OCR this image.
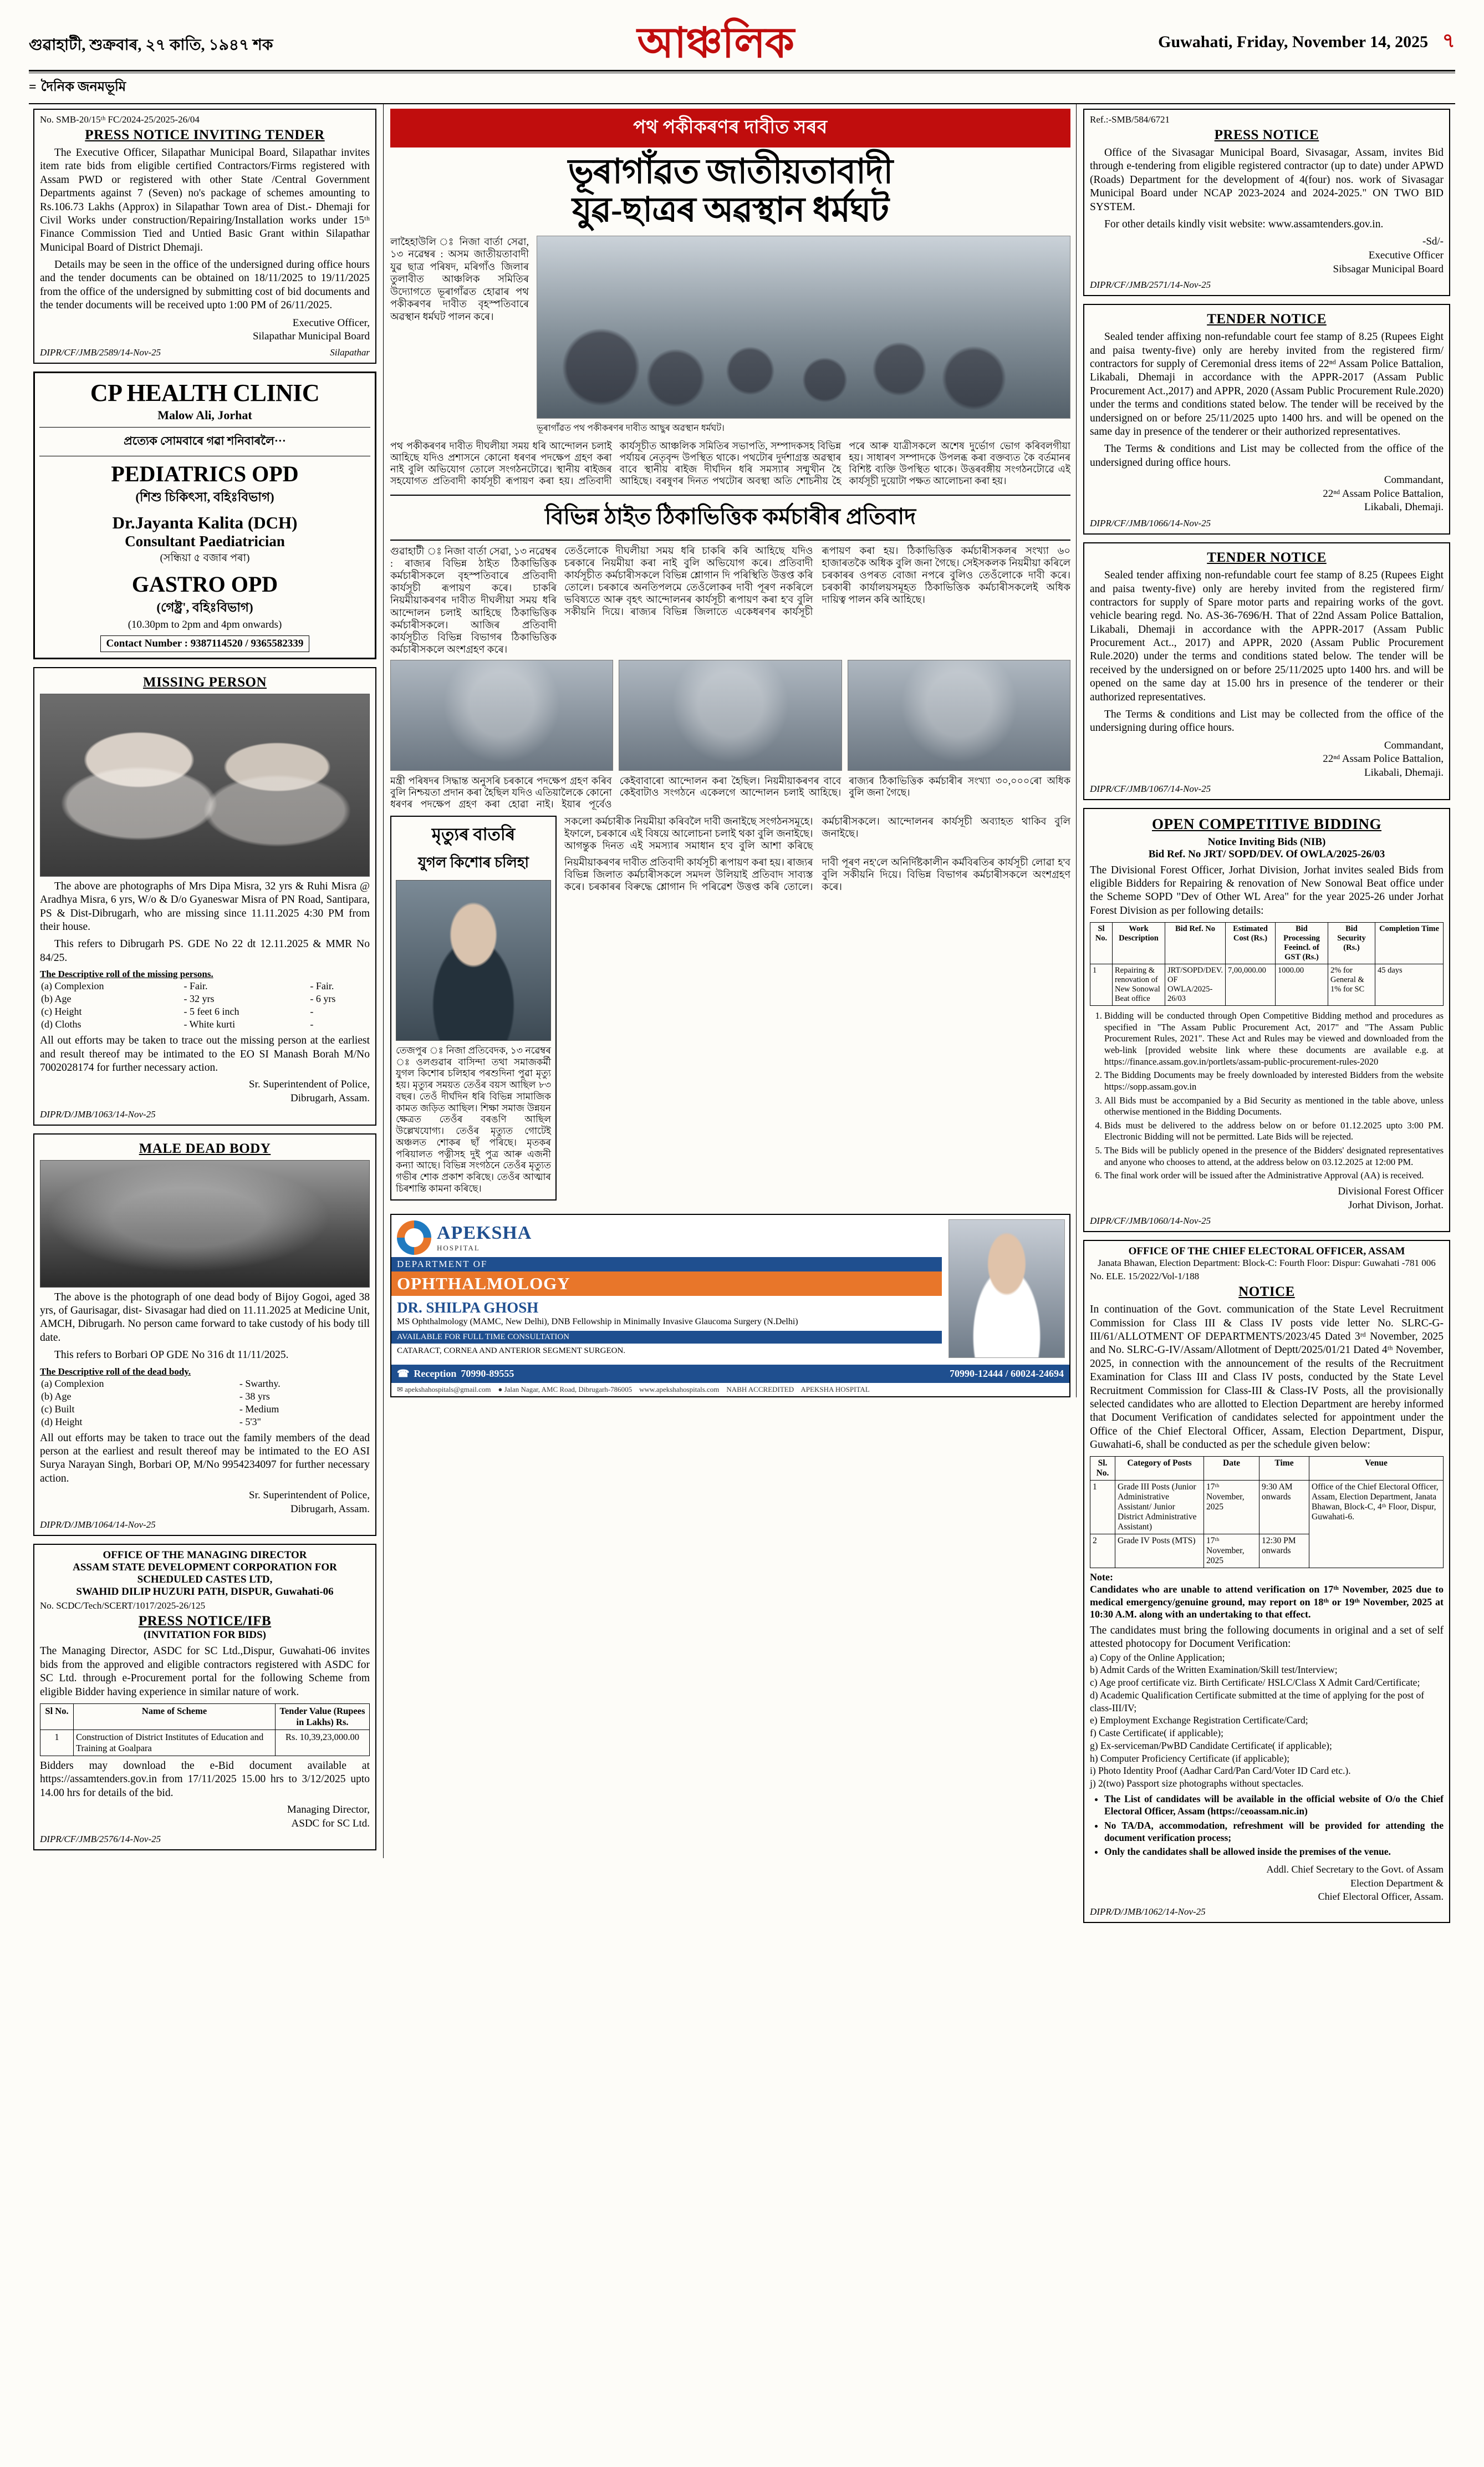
গুৱাহাটী, শুক্ৰবাৰ, ২৭ কাতি, ১৯৪৭ শক	আঞ্চলিক	Guwahati, Friday, November 14, 2025 ৭
= দৈনিক জনমভূমি
No. SMB-20/15ᵗʰ FC/2024-25/2025-26/04
PRESS NOTICE INVITING TENDER

The Executive Officer, Silapathar Municipal Board, Silapathar invites item rate bids from eligible certified Contractors/Firms registered with Assam PWD or registered with other State /Central Government Departments against 7 (Seven) no's package of schemes amounting to Rs.106.73 Lakhs (Approx) in Silapathar Town area of Dist.- Dhemaji for Civil Works under construction/Repairing/Installation works under 15ᵗʰ Finance Commission Tied and Untied Basic Grant within Silapathar Municipal Board of District Dhemaji.

Details may be seen in the office of the undersigned during office hours and the tender documents can be obtained on 18/11/2025 to 19/11/2025 from the office of the undersigned by submitting cost of bid documents and the tender documents will be received upto 1:00 PM of 26/11/2025.

Executive Officer,
Silapathar Municipal Board
DIPR/CF/JMB/2589/14-Nov-25	Silapathar
CP HEALTH CLINIC
Malow Ali, Jorhat
প্ৰত্যেক সোমবাৰে গৱা শনিবাৰলৈ···
PEDIATRICS OPD
(শিশু চিকিৎসা, বহিঃবিভাগ)
Dr.Jayanta Kalita (DCH)
Consultant Paediatrician
(সন্ধিয়া ৫ বজাৰ পৰা)
GASTRO OPD
(গেষ্ট্ৰ', বহিঃবিভাগ)
(10.30pm to 2pm and 4pm onwards)
Contact Number : 9387114520 / 9365582339
MISSING PERSON

The above are photographs of Mrs Dipa Misra, 32 yrs & Ruhi Misra @ Aradhya Misra, 6 yrs, W/o & D/o Gyaneswar Misra of PN Road, Santipara, PS & Dist-Dibrugarh, who are missing since 11.11.2025 4:30 PM from their house.

This refers to Dibrugarh PS. GDE No 22 dt 12.11.2025 & MMR No 84/25.

The Descriptive roll of the missing persons.
(a) Complexion	- Fair.	- Fair.
(b) Age	- 32 yrs	- 6 yrs
(c) Height	- 5 feet 6 inch	-
(d) Cloths	- White kurti	-
All out efforts may be taken to trace out the missing person at the earliest and result thereof may be intimated to the EO SI Manash Borah M/No 7002028174 for further necessary action.
Sr. Superintendent of Police,
Dibrugarh, Assam.
DIPR/D/JMB/1063/14-Nov-25
MALE DEAD BODY

The above is the photograph of one dead body of Bijoy Gogoi, aged 38 yrs, of Gaurisagar, dist- Sivasagar had died on 11.11.2025 at Medicine Unit, AMCH, Dibrugarh. No person came forward to take custody of his body till date.

This refers to Borbari OP GDE No 316 dt 11/11/2025.

The Descriptive roll of the dead body.
(a) Complexion	- Swarthy.
(b) Age	- 38 yrs
(c) Built	- Medium
(d) Height	- 5'3"
All out efforts may be taken to trace out the family members of the dead person at the earliest and result thereof may be intimated to the EO ASI Surya Narayan Singh, Borbari OP, M/No 9954234097 for further necessary action.
Sr. Superintendent of Police,
Dibrugarh, Assam.
DIPR/D/JMB/1064/14-Nov-25
OFFICE OF THE MANAGING DIRECTOR
ASSAM STATE DEVELOPMENT CORPORATION FOR SCHEDULED CASTES LTD,
SWAHID DILIP HUZURI PATH, DISPUR, Guwahati-06
No. SCDC/Tech/SCERT/1017/2025-26/125
PRESS NOTICE/IFB
(INVITATION FOR BIDS)
The Managing Director, ASDC for SC Ltd.,Dispur, Guwahati-06 invites bids from the approved and eligible contractors registered with ASDC for SC Ltd. through e-Procurement portal for the following Scheme from eligible Bidder having experience in similar nature of work.
Sl No.	Name of Scheme	Tender Value (Rupees in Lakhs) Rs.
1	Construction of District Institutes of Education and Training at Goalpara	Rs. 10,39,23,000.00
Bidders may download the e-Bid document available at https://assamtenders.gov.in from 17/11/2025 15.00 hrs to 3/12/2025 upto 14.00 hrs for details of the bid.
Managing Director,
ASDC for SC Ltd.
DIPR/CF/JMB/2576/14-Nov-25
পথ পকীকৰণৰ দাবীত সৰব
ভূৰাগাঁৱত জাতীয়তাবাদী
যুৱ-ছাত্ৰৰ অৱস্থান ধৰ্মঘট
লাহৈহাউলি ঃ নিজা বাৰ্তা সেৱা, ১৩ নৱেম্বৰ : অসম জাতীয়তাবাদী যুৱ ছাত্ৰ পৰিষদ, মৰিগাঁও জিলাৰ তুলাবীত আঞ্চলিক সমিতিৰ উদ্যোগতে ভূৰাগাঁৱত হোৱাৰ পথ পকীকৰণৰ দাবীত বৃহস্পতিবাৰে অৱস্থান ধৰ্মঘট পালন কৰে।
ভূৰাগাঁৱত পথ পকীকৰণৰ দাবীত আছুৰ অৱস্থান ধৰ্মঘট।
পথ পকীকৰণৰ দাবীত দীঘলীয়া সময় ধৰি আন্দোলন চলাই আহিছে যদিও প্ৰশাসনে কোনো ধৰণৰ পদক্ষেপ গ্ৰহণ কৰা নাই বুলি অভিযোগ তোলে সংগঠনটোৱে। স্থানীয় ৰাইজৰ সহযোগত প্ৰতিবাদী কাৰ্যসূচী ৰূপায়ণ কৰা হয়। প্ৰতিবাদী কাৰ্যসূচীত আঞ্চলিক সমিতিৰ সভাপতি, সম্পাদকসহ বিভিন্ন পৰ্যায়ৰ নেতৃবৃন্দ উপস্থিত থাকে। পথটোৰ দুৰ্দশাগ্ৰস্ত অৱস্থাৰ বাবে স্থানীয় ৰাইজ দীৰ্ঘদিন ধৰি সমস্যাৰ সন্মুখীন হৈ আহিছে। বৰষুণৰ দিনত পথটোৰ অবস্থা অতি শোচনীয় হৈ পৰে আৰু যাত্ৰীসকলে অশেষ দুৰ্ভোগ ভোগ কৰিবলগীয়া হয়। সাধাৰণ সম্পাদকে উপলব্ধ কৰা বক্তব্যত কৈ বৰ্তমানৰ বিশিষ্ট ব্যক্তি উপস্থিত থাকে। উত্তৰবঙ্গীয় সংগঠনটোৱে এই কাৰ্যসূচী দুয়োটা পক্ষত আলোচনা কৰা হয়।
বিভিন্ন ঠাইত ঠিকাভিত্তিক কৰ্মচাৰীৰ প্ৰতিবাদ
গুৱাহাটী ঃ নিজা বাৰ্তা সেৱা, ১৩ নৱেম্বৰ : ৰাজ্যৰ বিভিন্ন ঠাইত ঠিকাভিত্তিক কৰ্মচাৰীসকলে বৃহস্পতিবাৰে প্ৰতিবাদী কাৰ্যসূচী ৰূপায়ণ কৰে। চাকৰি নিয়মীয়াকৰণৰ দাবীত দীঘলীয়া সময় ধৰি আন্দোলন চলাই আহিছে ঠিকাভিত্তিক কৰ্মচাৰীসকলে। আজিৰ প্ৰতিবাদী কাৰ্যসূচীত বিভিন্ন বিভাগৰ ঠিকাভিত্তিক কৰ্মচাৰীসকলে অংশগ্ৰহণ কৰে।
তেওঁলোকে দীঘলীয়া সময় ধৰি চাকৰি কৰি আহিছে যদিও চৰকাৰে নিয়মীয়া কৰা নাই বুলি অভিযোগ কৰে। প্ৰতিবাদী কাৰ্যসূচীত কৰ্মচাৰীসকলে বিভিন্ন শ্লোগান দি পৰিস্থিতি উত্তপ্ত কৰি তোলে। চৰকাৰে অনতিপলমে তেওঁলোকৰ দাবী পূৰণ নকৰিলে ভবিষ্যতে আৰু বৃহৎ আন্দোলনৰ কাৰ্যসূচী ৰূপায়ণ কৰা হ'ব বুলি সকীয়নি দিয়ে। ৰাজ্যৰ বিভিন্ন জিলাতে একেধৰণৰ কাৰ্যসূচী ৰূপায়ণ কৰা হয়। ঠিকাভিত্তিক কৰ্মচাৰীসকলৰ সংখ্যা ৬০ হাজাৰতকৈ অধিক বুলি জনা গৈছে। সেইসকলক নিয়মীয়া কৰিলে চৰকাৰৰ ওপৰত বোজা নপৰে বুলিও তেওঁলোকে দাবী কৰে। চৰকাৰী কাৰ্যালয়সমূহত ঠিকাভিত্তিক কৰ্মচাৰীসকলেই অধিক দায়িত্ব পালন কৰি আহিছে।
মন্ত্ৰী পৰিষদৰ সিদ্ধান্ত অনুসৰি চৰকাৰে পদক্ষেপ গ্ৰহণ কৰিব বুলি নিশ্চয়তা প্ৰদান কৰা হৈছিল যদিও এতিয়ালৈকে কোনো ধৰণৰ পদক্ষেপ গ্ৰহণ কৰা হোৱা নাই। ইয়াৰ পূৰ্বেও কেইবাবাৰো আন্দোলন কৰা হৈছিল। নিয়মীয়াকৰণৰ বাবে কেইবাটাও সংগঠনে একেলগে আন্দোলন চলাই আহিছে। ৰাজ্যৰ ঠিকাভিত্তিক কৰ্মচাৰীৰ সংখ্যা ৩০,০০০ৰো অধিক বুলি জনা গৈছে।
মৃত্যুৰ বাতৰি
যুগল কিশোৰ চলিহা
তেজপুৰ ঃ নিজা প্ৰতিবেদক, ১৩ নৱেম্বৰ ঃ ওলগুৱাৰ বাসিন্দা তথা সমাজকৰ্মী যুগল কিশোৰ চলিহাৰ পৰশুদিনা পুৱা মৃত্যু হয়। মৃত্যুৰ সময়ত তেওঁৰ বয়স আছিল ৮৩ বছৰ। তেওঁ দীৰ্ঘদিন ধৰি বিভিন্ন সামাজিক কামত জড়িত আছিল। শিক্ষা সমাজ উন্নয়ন ক্ষেত্ৰত তেওঁৰ বৰঙণি আছিল উল্লেখযোগ্য। তেওঁৰ মৃত্যুত গোটেই অঞ্চলত শোকৰ ছাঁ পৰিছে। মৃতকৰ পৰিয়ালত পত্নীসহ দুই পুত্ৰ আৰু এজনী কন্যা আছে। বিভিন্ন সংগঠনে তেওঁৰ মৃত্যুত গভীৰ শোক প্ৰকাশ কৰিছে। তেওঁৰ আত্মাৰ চিৰশান্তি কামনা কৰিছে।
সকলো কৰ্মচাৰীক নিয়মীয়া কৰিবলৈ দাবী জনাইছে সংগঠনসমূহে। ইফালে, চৰকাৰে এই বিষয়ে আলোচনা চলাই থকা বুলি জনাইছে। আগন্তুক দিনত এই সমস্যাৰ সমাধান হ'ব বুলি আশা কৰিছে কৰ্মচাৰীসকলে। আন্দোলনৰ কাৰ্যসূচী অব্যাহত থাকিব বুলি জনাইছে।
নিয়মীয়াকৰণৰ দাবীত প্ৰতিবাদী কাৰ্যসূচী ৰূপায়ণ কৰা হয়। ৰাজ্যৰ বিভিন্ন জিলাত কৰ্মচাৰীসকলে সমদল উলিয়াই প্ৰতিবাদ সাব্যস্ত কৰে। চৰকাৰৰ বিৰুদ্ধে শ্লোগান দি পৰিৱেশ উত্তপ্ত কৰি তোলে। দাবী পূৰণ নহ'লে অনিৰ্দিষ্টকালীন কৰ্মবিৰতিৰ কাৰ্যসূচী লোৱা হ'ব বুলি সকীয়নি দিয়ে। বিভিন্ন বিভাগৰ কৰ্মচাৰীসকলে অংশগ্ৰহণ কৰে।
APEKSHA
HOSPITAL
DEPARTMENT OF
OPHTHALMOLOGY
DR. SHILPA GHOSH
MS Ophthalmology (MAMC, New Delhi), DNB Fellowship in Minimally Invasive Glaucoma Surgery (N.Delhi)
AVAILABLE FOR FULL TIME CONSULTATION
CATARACT, CORNEA AND ANTERIOR SEGMENT SURGEON.
☎ Reception 70990-89555	70990-12444 / 60024-24694
✉ apekshahospitals@gmail.com ● Jalan Nagar, AMC Road, Dibrugarh-786005 www.apekshahospitals.com NABH ACCREDITED APEKSHA HOSPITAL
Ref.:-SMB/584/6721
PRESS NOTICE

Office of the Sivasagar Municipal Board, Sivasagar, Assam, invites Bid through e-tendering from eligible registered contractor (up to date) under APWD (Roads) Department for the development of 4(four) nos. work of Sivasagar Municipal Board under NCAP 2023-2024 and 2024-2025." ON TWO BID SYSTEM.

For other details kindly visit website: www.assamtenders.gov.in.

-Sd/-
Executive Officer
Sibsagar Municipal Board
DIPR/CF/JMB/2571/14-Nov-25
TENDER NOTICE

Sealed tender affixing non-refundable court fee stamp of 8.25 (Rupees Eight and paisa twenty-five) only are hereby invited from the registered firm/ contractors for supply of Ceremonial dress items of 22ⁿᵈ Assam Police Battalion, Likabali, Dhemaji in accordance with the APPR-2017 (Assam Public Procurement Act.,2017) and APPR, 2020 (Assam Public Procurement Rule.2020) under the terms and conditions stated below. The tender will be received by the undersigned on or before 25/11/2025 upto 1400 hrs. and will be opened on the same day in presence of the tenderer or their authorized representatives.

The Terms & conditions and List may be collected from the office of the undersigned during office hours.

Commandant,
22ⁿᵈ Assam Police Battalion,
Likabali, Dhemaji.
DIPR/CF/JMB/1066/14-Nov-25
TENDER NOTICE

Sealed tender affixing non-refundable court fee stamp of 8.25 (Rupees Eight and paisa twenty-five) only are hereby invited from the registered firm/ contractors for supply of Spare motor parts and repairing works of the govt. vehicle bearing regd. No. AS-36-7696/H. That of 22nd Assam Police Battalion, Likabali, Dhemaji in accordance with the APPR-2017 (Assam Public Procurement Act.., 2017) and APPR, 2020 (Assam Public Procurement Rule.2020) under the terms and conditions stated below. The tender will be received by the undersigned on or before 25/11/2025 upto 1400 hrs. and will be opened on the same day at 15.00 hrs in presence of the tenderer or their authorized representatives.

The Terms & conditions and List may be collected from the office of the undersigning during office hours.

Commandant,
22ⁿᵈ Assam Police Battalion,
Likabali, Dhemaji.
DIPR/CF/JMB/1067/14-Nov-25
OPEN COMPETITIVE BIDDING
Notice Inviting Bids (NIB)
Bid Ref. No JRT/ SOPD/DEV. Of OWLA/2025-26/03
The Divisional Forest Officer, Jorhat Division, Jorhat invites sealed Bids from eligible Bidders for Repairing & renovation of New Sonowal Beat office under the Scheme SOPD "Dev of Other WL Area" for the year 2025-26 under Jorhat Forest Division as per following details:
Sl No.	Work Description	Bid Ref. No	Estimated Cost (Rs.)	Bid Processing Feeincl. of GST (Rs.)	Bid Security (Rs.)	Completion Time
1	Repairing & renovation of New Sonowal Beat office	JRT/SOPD/DEV. OF OWLA/2025-26/03	7,00,000.00	1000.00	2% for General & 1% for SC	45 days
1. Bidding will be conducted through Open Competitive Bidding method and procedures as specified in "The Assam Public Procurement Act, 2017" and "The Assam Public Procurement Rules, 2021". These Act and Rules may be viewed and downloaded from the web-link [provided website link where these documents are available e.g. at https://finance.assam.gov.in/portlets/assam-public-procurement-rules-2020
2. The Bidding Documents may be freely downloaded by interested Bidders from the website https://sopp.assam.gov.in
3. All Bids must be accompanied by a Bid Security as mentioned in the table above, unless otherwise mentioned in the Bidding Documents.
4. Bids must be delivered to the address below on or before 01.12.2025 upto 3:00 PM. Electronic Bidding will not be permitted. Late Bids will be rejected.
5. The Bids will be publicly opened in the presence of the Bidders' designated representatives and anyone who chooses to attend, at the address below on 03.12.2025 at 12:00 PM.
6. The final work order will be issued after the Administrative Approval (AA) is received.
Divisional Forest Officer
Jorhat Divison, Jorhat.
DIPR/CF/JMB/1060/14-Nov-25
OFFICE OF THE CHIEF ELECTORAL OFFICER, ASSAM
Janata Bhawan, Election Department: Block-C: Fourth Floor: Dispur: Guwahati -781 006
No. ELE. 15/2022/Vol-1/188
NOTICE
In continuation of the Govt. communication of the State Level Recruitment Commission for Class III & Class IV posts vide letter No. SLRC-G-III/61/ALLOTMENT OF DEPARTMENTS/2023/45 Dated 3ʳᵈ November, 2025 and No. SLRC-G-IV/Assam/Allotment of Deptt/2025/01/21 Dated 4ᵗʰ November, 2025, in connection with the announcement of the results of the Recruitment Examination for Class III and Class IV posts, conducted by the State Level Recruitment Commission for Class-III & Class-IV Posts, all the provisionally selected candidates who are allotted to Election Department are hereby informed that Document Verification of candidates selected for appointment under the Office of the Chief Electoral Officer, Assam, Election Department, Dispur, Guwahati-6, shall be conducted as per the schedule given below:
Sl. No.	Category of Posts	Date	Time	Venue
1	Grade III Posts (Junior Administrative Assistant/ Junior District Administrative Assistant)	17ᵗʰ November, 2025	9:30 AM onwards	Office of the Chief Electoral Officer, Assam, Election Department, Janata Bhawan, Block-C, 4ᵗʰ Floor, Dispur, Guwahati-6.
2	Grade IV Posts (MTS)	17ᵗʰ November, 2025	12:30 PM onwards	
Note:
Candidates who are unable to attend verification on 17ᵗʰ November, 2025 due to medical emergency/genuine ground, may report on 18ᵗʰ or 19ᵗʰ November, 2025 at 10:30 A.M. along with an undertaking to that effect.
The candidates must bring the following documents in original and a set of self attested photocopy for Document Verification:
a) Copy of the Online Application;
b) Admit Cards of the Written Examination/Skill test/Interview;
c) Age proof certificate viz. Birth Certificate/ HSLC/Class X Admit Card/Certificate;
d) Academic Qualification Certificate submitted at the time of applying for the post of class-III/IV;
e) Employment Exchange Registration Certificate/Card;
f) Caste Certificate( if applicable);
g) Ex-serviceman/PwBD Candidate Certificate( if applicable);
h) Computer Proficiency Certificate (if applicable);
i) Photo Identity Proof (Aadhar Card/Pan Card/Voter ID Card etc.).
j) 2(two) Passport size photographs without spectacles.
• The List of candidates will be available in the official website of O/o the Chief Electoral Officer, Assam (https://ceoassam.nic.in)
• No TA/DA, accommodation, refreshment will be provided for attending the document verification process;
• Only the candidates shall be allowed inside the premises of the venue.
Addl. Chief Secretary to the Govt. of Assam
Election Department &
Chief Electoral Officer, Assam.
DIPR/D/JMB/1062/14-Nov-25
